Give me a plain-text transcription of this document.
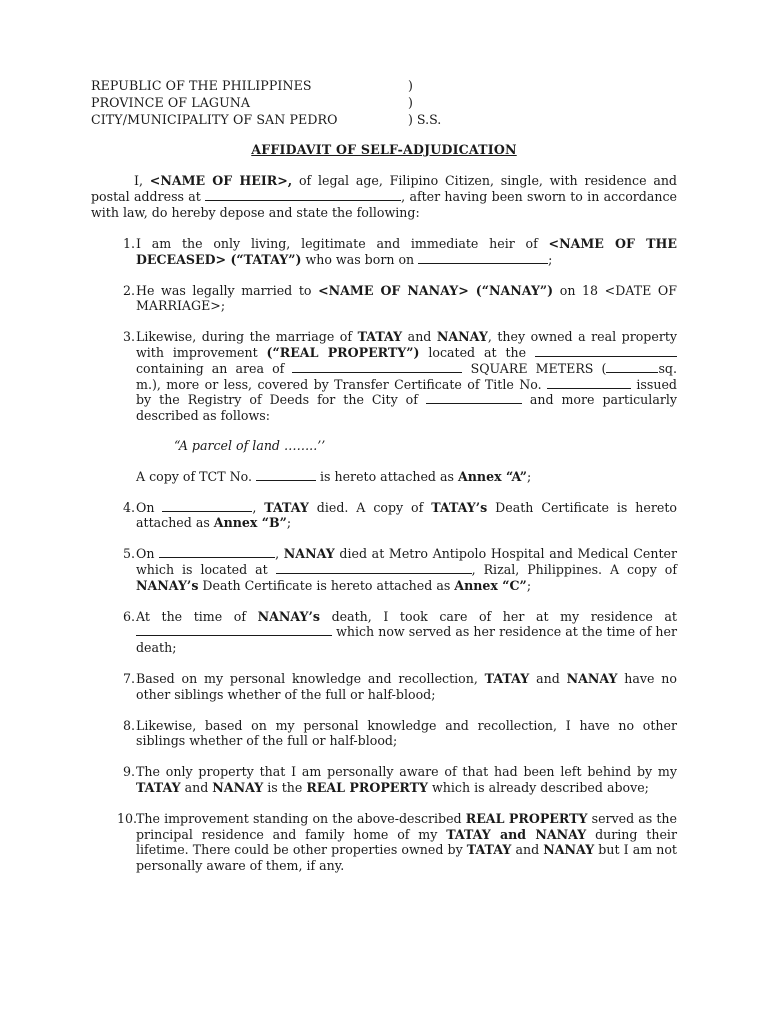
REPUBLIC OF THE PHILIPPINES	)
PROVINCE OF LAGUNA	)
CITY/MUNICIPALITY OF SAN PEDRO	) S.S.
AFFIDAVIT OF SELF-ADJUDICATION
I, <NAME OF HEIR>, of legal age, Filipino Citizen, single, with residence and postal address at	, after having been sworn to in accordance with law, do hereby depose and state the following:
1. I am the only living, legitimate and immediate heir of <NAME OF THE DECEASED> (“TATAY”) who was born on	;
2. He was legally married to <NAME OF NANAY> (“NANAY”) on 18 <DATE OF MARRIAGE>;
3. Likewise, during the marriage of TATAY and NANAY, they owned a real property with improvement (“REAL PROPERTY”) located at the  containing an area of	SQUARE METERS (	sq. m.), more or less, covered by Transfer Certificate of Title No.	issued by the Registry of Deeds for the City of	and more particularly described as follows:
“A parcel of land ……..’’
A copy of TCT No.	is hereto attached as Annex “A”;
4. On	, TATAY died. A copy of TATAY’s Death Certificate is hereto attached as Annex “B”;
5. On	, NANAY died at Metro Antipolo Hospital and Medical Center which is located at	, Rizal, Philippines. A copy of NANAY’s Death Certificate is hereto attached as Annex “C”;
6. At the time of NANAY’s death, I took care of her at my residence at  which now served as her residence at the time of her death;
7. Based on my personal knowledge and recollection, TATAY and NANAY have no other siblings whether of the full or half-blood;
8. Likewise, based on my personal knowledge and recollection, I have no other siblings whether of the full or half-blood;
9. The only property that I am personally aware of that had been left behind by my TATAY and NANAY is the REAL PROPERTY which is already described above;
10.
The improvement standing on the above-described REAL PROPERTY served as the principal residence and family home of my TATAY and NANAY during their lifetime. There could be other properties owned by TATAY and NANAY but I am not personally aware of them, if any.
